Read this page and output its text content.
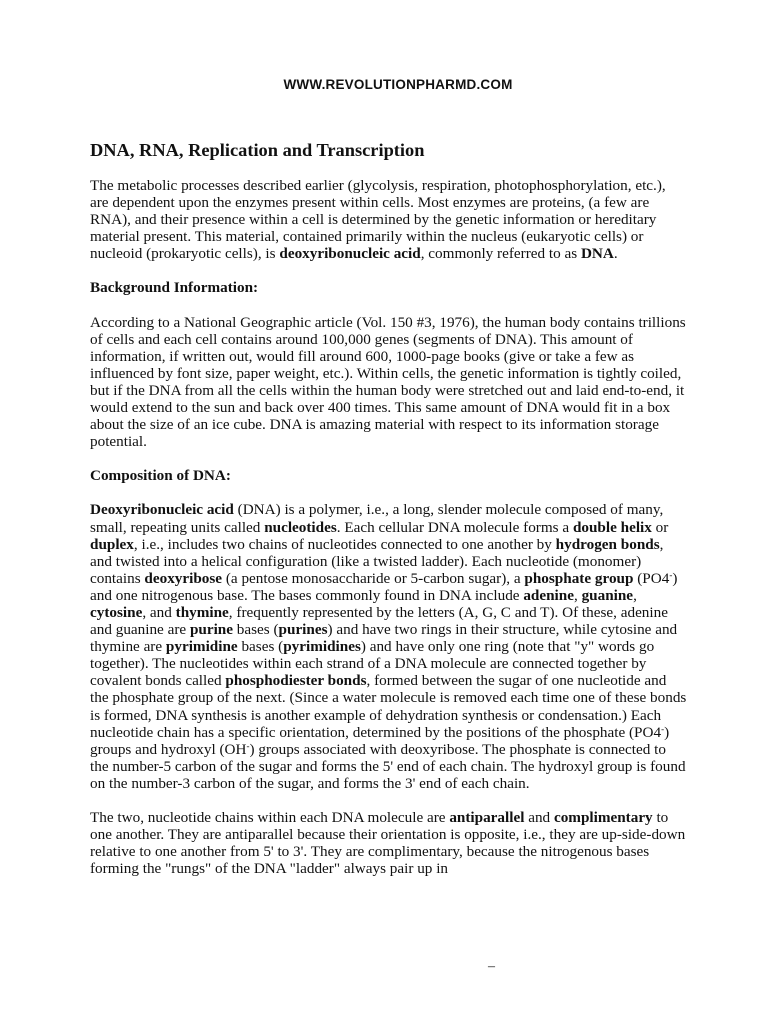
WWW.REVOLUTIONPHARMD.COM
DNA, RNA, Replication and Transcription

The metabolic processes described earlier (glycolysis, respiration, photophosphorylation, etc.), are dependent upon the enzymes present within cells. Most enzymes are proteins, (a few are RNA), and their presence within a cell is determined by the genetic information or hereditary material present. This material, contained primarily within the nucleus (eukaryotic cells) or nucleoid (prokaryotic cells), is deoxyribonucleic acid, commonly referred to as DNA.

Background Information:

According to a National Geographic article (Vol. 150 #3, 1976), the human body contains trillions of cells and each cell contains around 100,000 genes (segments of DNA). This amount of information, if written out, would fill around 600, 1000-page books (give or take a few as influenced by font size, paper weight, etc.). Within cells, the genetic information is tightly coiled, but if the DNA from all the cells within the human body were stretched out and laid end-to-end, it would extend to the sun and back over 400 times. This same amount of DNA would fit in a box about the size of an ice cube. DNA is amazing material with respect to its information storage potential.

Composition of DNA:

Deoxyribonucleic acid (DNA) is a polymer, i.e., a long, slender molecule composed of many, small, repeating units called nucleotides. Each cellular DNA molecule forms a double helix or duplex, i.e., includes two chains of nucleotides connected to one another by hydrogen bonds, and twisted into a helical configuration (like a twisted ladder). Each nucleotide (monomer) contains deoxyribose (a pentose monosaccharide or 5-carbon sugar), a phosphate group (PO4-) and one nitrogenous base. The bases commonly found in DNA include adenine, guanine, cytosine, and thymine, frequently represented by the letters (A, G, C and T). Of these, adenine and guanine are purine bases (purines) and have two rings in their structure, while cytosine and thymine are pyrimidine bases (pyrimidines) and have only one ring (note that "y" words go together). The nucleotides within each strand of a DNA molecule are connected together by covalent bonds called phosphodiester bonds, formed between the sugar of one nucleotide and the phosphate group of the next. (Since a water molecule is removed each time one of these bonds is formed, DNA synthesis is another example of dehydration synthesis or condensation.) Each nucleotide chain has a specific orientation, determined by the positions of the phosphate (PO4-) groups and hydroxyl (OH-) groups associated with deoxyribose. The phosphate is connected to the number-5 carbon of the sugar and forms the 5' end of each chain. The hydroxyl group is found on the number-3 carbon of the sugar, and forms the 3' end of each chain.

The two, nucleotide chains within each DNA molecule are antiparallel and complimentary to one another. They are antiparallel because their orientation is opposite, i.e., they are up-side-down relative to one another from 5' to 3'. They are complimentary, because the nitrogenous bases forming the "rungs" of the DNA "ladder" always pair up in

–
